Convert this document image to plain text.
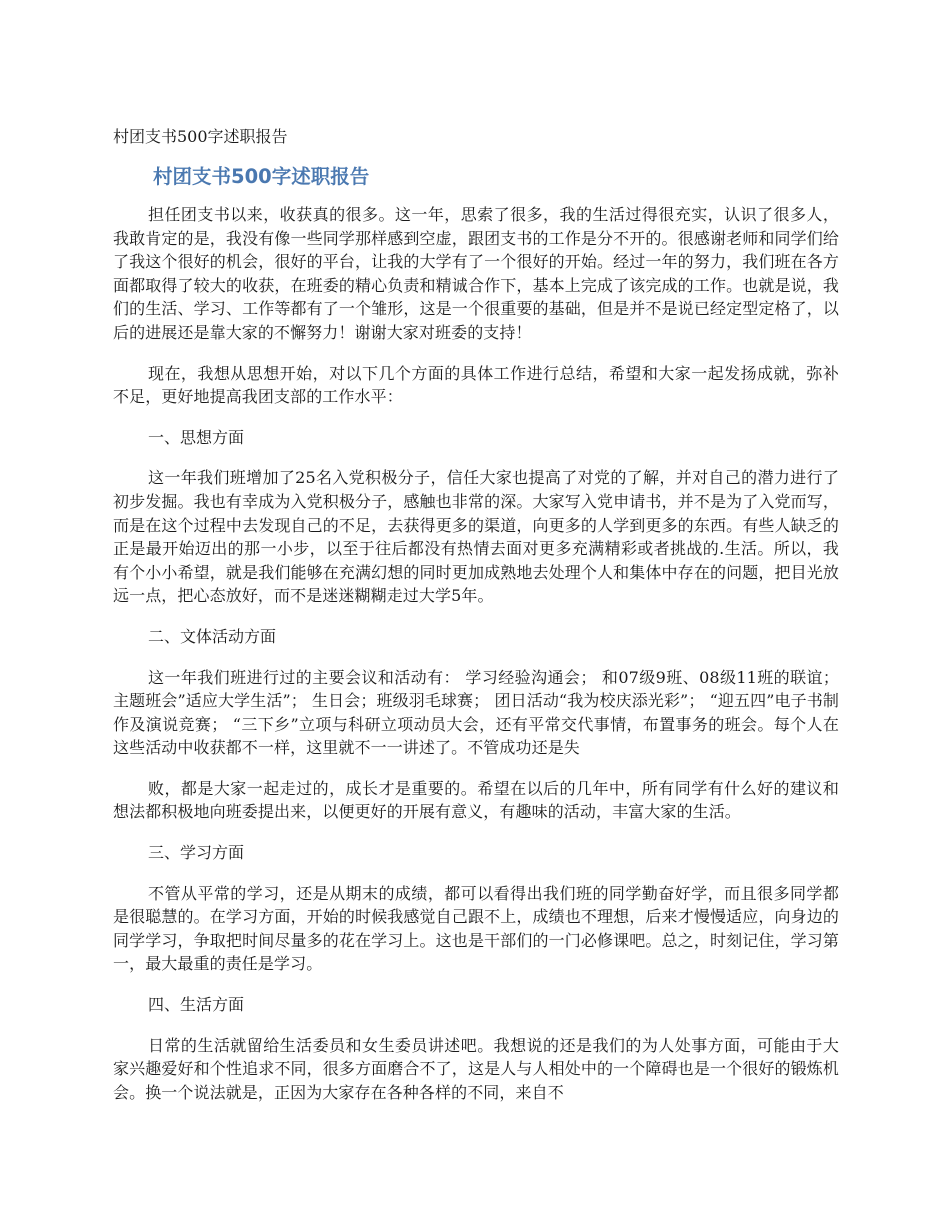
村团支书500字述职报告
村团支书500字述职报告

担任团支书以来，收获真的很多。这一年，思索了很多，我的生活过得很充实，认识了很多人，我敢肯定的是，我没有像一些同学那样感到空虚，跟团支书的工作是分不开的。很感谢老师和同学们给了我这个很好的机会，很好的平台，让我的大学有了一个很好的开始。经过一年的努力，我们班在各方面都取得了较大的收获，在班委的精心负责和精诚合作下，基本上完成了该完成的工作。也就是说，我们的生活、学习、工作等都有了一个雏形，这是一个很重要的基础，但是并不是说已经定型定格了，以后的进展还是靠大家的不懈努力！谢谢大家对班委的支持！

现在，我想从思想开始，对以下几个方面的具体工作进行总结，希望和大家一起发扬成就，弥补不足，更好地提高我团支部的工作水平：

一、思想方面

这一年我们班增加了25名入党积极分子，信任大家也提高了对党的了解，并对自己的潜力进行了初步发掘。我也有幸成为入党积极分子，感触也非常的深。大家写入党申请书，并不是为了入党而写，而是在这个过程中去发现自己的不足，去获得更多的渠道，向更多的人学到更多的东西。有些人缺乏的正是最开始迈出的那一小步，以至于往后都没有热情去面对更多充满精彩或者挑战的.生活。所以，我有个小小希望，就是我们能够在充满幻想的同时更加成熟地去处理个人和集体中存在的问题，把目光放远一点，把心态放好，而不是迷迷糊糊走过大学5年。

二、文体活动方面

这一年我们班进行过的主要会议和活动有： 学习经验沟通会； 和07级9班、08级11班的联谊；主题班会”适应大学生活”； 生日会；班级羽毛球赛； 团日活动“我为校庆添光彩”； “迎五四”电子书制作及演说竞赛； “三下乡”立项与科研立项动员大会，还有平常交代事情，布置事务的班会。每个人在这些活动中收获都不一样，这里就不一一讲述了。不管成功还是失

败，都是大家一起走过的，成长才是重要的。希望在以后的几年中，所有同学有什么好的建议和想法都积极地向班委提出来，以便更好的开展有意义，有趣味的活动，丰富大家的生活。

三、学习方面

不管从平常的学习，还是从期末的成绩，都可以看得出我们班的同学勤奋好学，而且很多同学都是很聪慧的。在学习方面，开始的时候我感觉自己跟不上，成绩也不理想，后来才慢慢适应，向身边的同学学习，争取把时间尽量多的花在学习上。这也是干部们的一门必修课吧。总之，时刻记住，学习第一，最大最重的责任是学习。

四、生活方面

日常的生活就留给生活委员和女生委员讲述吧。我想说的还是我们的为人处事方面，可能由于大家兴趣爱好和个性追求不同，很多方面磨合不了，这是人与人相处中的一个障碍也是一个很好的锻炼机会。换一个说法就是，正因为大家存在各种各样的不同，来自不
